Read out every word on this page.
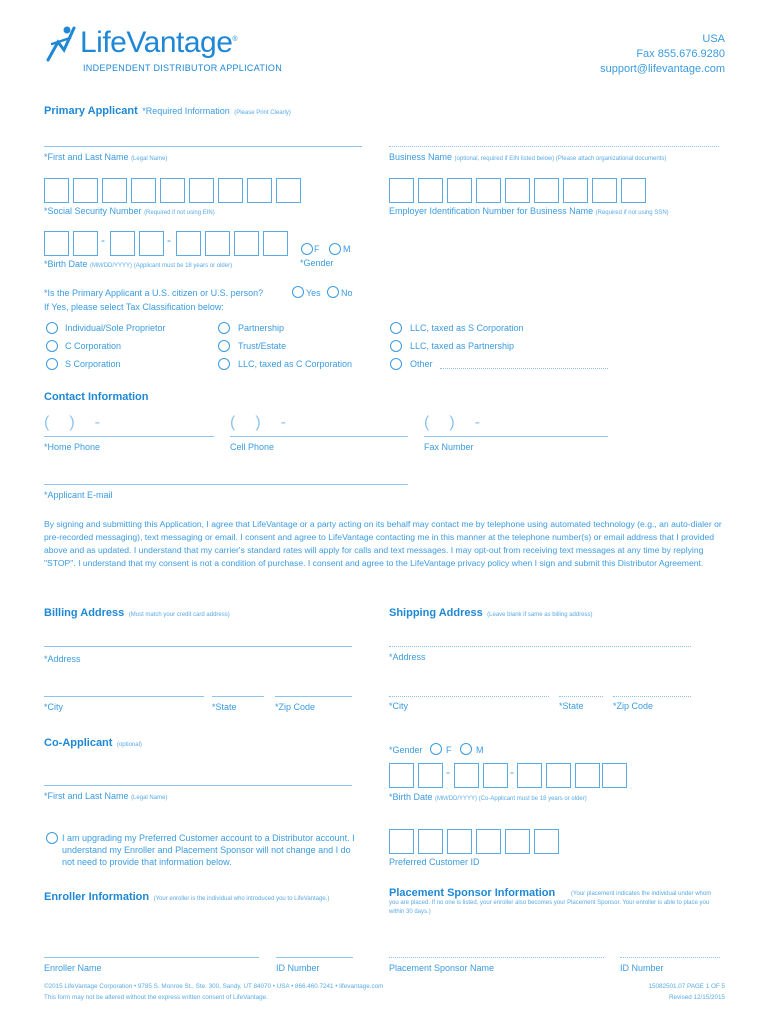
LifeVantage®
INDEPENDENT DISTRIBUTOR APPLICATION
USA
Fax 855.676.9280
support@lifevantage.com
Primary Applicant *Required Information (Please Print Clearly)
*First and Last Name (Legal Name)	Business Name (optional, required if EIN listed below) (Please attach organizational documents)
*Social Security Number (Required if not using EIN)	Employer Identification Number for Business Name (Required if not using SSN)
-	-
*Birth Date (MM/DD/YYYY) (Applicant must be 18 years or older)
F	M
*Gender
*Is the Primary Applicant a U.S. citizen or U.S. person?	Yes No
If Yes, please select Tax Classification below:
Individual/Sole Proprietor
C Corporation
S Corporation
Partnership
Trust/Estate
LLC, taxed as C Corporation
LLC, taxed as S Corporation
LLC, taxed as Partnership
Other
Contact Information
()-
*Home Phone
()-
Cell Phone
()-
Fax Number
*Applicant E-mail
By signing and submitting this Application, I agree that LifeVantage or a party acting on its behalf may contact me by telephone using automated technology (e.g., an auto-dialer or pre-recorded messaging), text messaging or email. I consent and agree to LifeVantage contacting me in this manner at the telephone number(s) or email address that I provided above and as updated. I understand that my carrier's standard rates will apply for calls and text messages. I may opt-out from receiving text messages at any time by replying "STOP". I understand that my consent is not a condition of purchase. I consent and agree to the LifeVantage privacy policy when I sign and submit this Distributor Agreement.
Billing Address (Must match your credit card address)
*Address
*City	*State	*Zip Code
Shipping Address (Leave blank if same as billing address)
*Address
*City	*State	*Zip Code
Co-Applicant (optional)	*Gender	F	M
*First and Last Name (Legal Name)
-	-
*Birth Date (MM/DD/YYYY) (Co-Applicant must be 18 years or older)
I am upgrading my Preferred Customer account to a Distributor account. I understand my Enroller and Placement Sponsor will not change and I do not need to provide that information below.	Preferred Customer ID
Enroller Information (Your enroller is the individual who introduced you to LifeVantage.)
Enroller Name	ID Number
Placement Sponsor Information	(Your placement indicates the individual under whom you are placed. If no one is listed, your enroller also becomes your Placement Sponsor. Your enroller is able to place you within 30 days.)
Placement Sponsor Name	ID Number
©2015 LifeVantage Corporation • 9785 S. Monroe St., Ste. 300, Sandy, UT 84070 • USA • 866.460.7241 • lifevantage.com
This form may not be altered without the express written consent of LifeVantage.
15082501.07 PAGE 1 OF 5
Revised 12/15/2015
